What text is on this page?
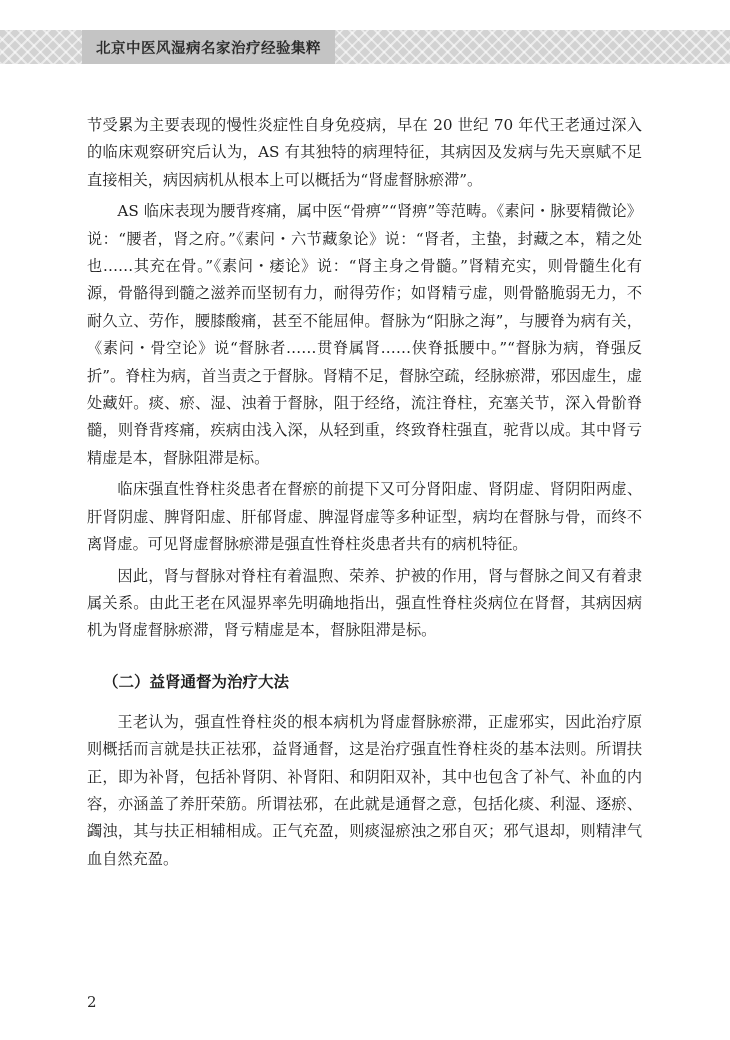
北京中医风湿病名家治疗经验集粹

节受累为主要表现的慢性炎症性自身免疫病，早在 20 世纪 70 年代王老通过深入的临床观察研究后认为，AS 有其独特的病理特征，其病因及发病与先天禀赋不足直接相关，病因病机从根本上可以概括为“肾虚督脉瘀滞”。

AS 临床表现为腰背疼痛，属中医“骨痹”“肾痹”等范畴。《素问・脉要精微论》说：“腰者，肾之府。”《素问・六节藏象论》说：“肾者，主蛰，封藏之本，精之处也……其充在骨。”《素问・痿论》说：“肾主身之骨髓。”肾精充实，则骨髓生化有源，骨骼得到髓之滋养而坚韧有力，耐得劳作；如肾精亏虚，则骨骼脆弱无力，不耐久立、劳作，腰膝酸痛，甚至不能屈伸。督脉为“阳脉之海”，与腰脊为病有关，《素问・骨空论》说“督脉者……贯脊属肾……侠脊抵腰中。”“督脉为病，脊强反折”。脊柱为病，首当责之于督脉。肾精不足，督脉空疏，经脉瘀滞，邪因虚生，虚处藏奸。痰、瘀、湿、浊着于督脉，阻于经络，流注脊柱，充塞关节，深入骨骱脊髓，则脊背疼痛，疾病由浅入深，从轻到重，终致脊柱强直，驼背以成。其中肾亏精虚是本，督脉阻滞是标。

临床强直性脊柱炎患者在督瘀的前提下又可分肾阳虚、肾阴虚、肾阴阳两虚、肝肾阴虚、脾肾阳虚、肝郁肾虚、脾湿肾虚等多种证型，病均在督脉与骨，而终不离肾虚。可见肾虚督脉瘀滞是强直性脊柱炎患者共有的病机特征。

因此，肾与督脉对脊柱有着温煦、荣养、护被的作用，肾与督脉之间又有着隶属关系。由此王老在风湿界率先明确地指出，强直性脊柱炎病位在肾督，其病因病机为肾虚督脉瘀滞，肾亏精虚是本，督脉阻滞是标。

（二）益肾通督为治疗大法

王老认为，强直性脊柱炎的根本病机为肾虚督脉瘀滞，正虚邪实，因此治疗原则概括而言就是扶正祛邪，益肾通督，这是治疗强直性脊柱炎的基本法则。所谓扶正，即为补肾，包括补肾阴、补肾阳、和阴阳双补，其中也包含了补气、补血的内容，亦涵盖了养肝荣筋。所谓祛邪，在此就是通督之意，包括化痰、利湿、逐瘀、蠲浊，其与扶正相辅相成。正气充盈，则痰湿瘀浊之邪自灭；邪气退却，则精津气血自然充盈。

2
